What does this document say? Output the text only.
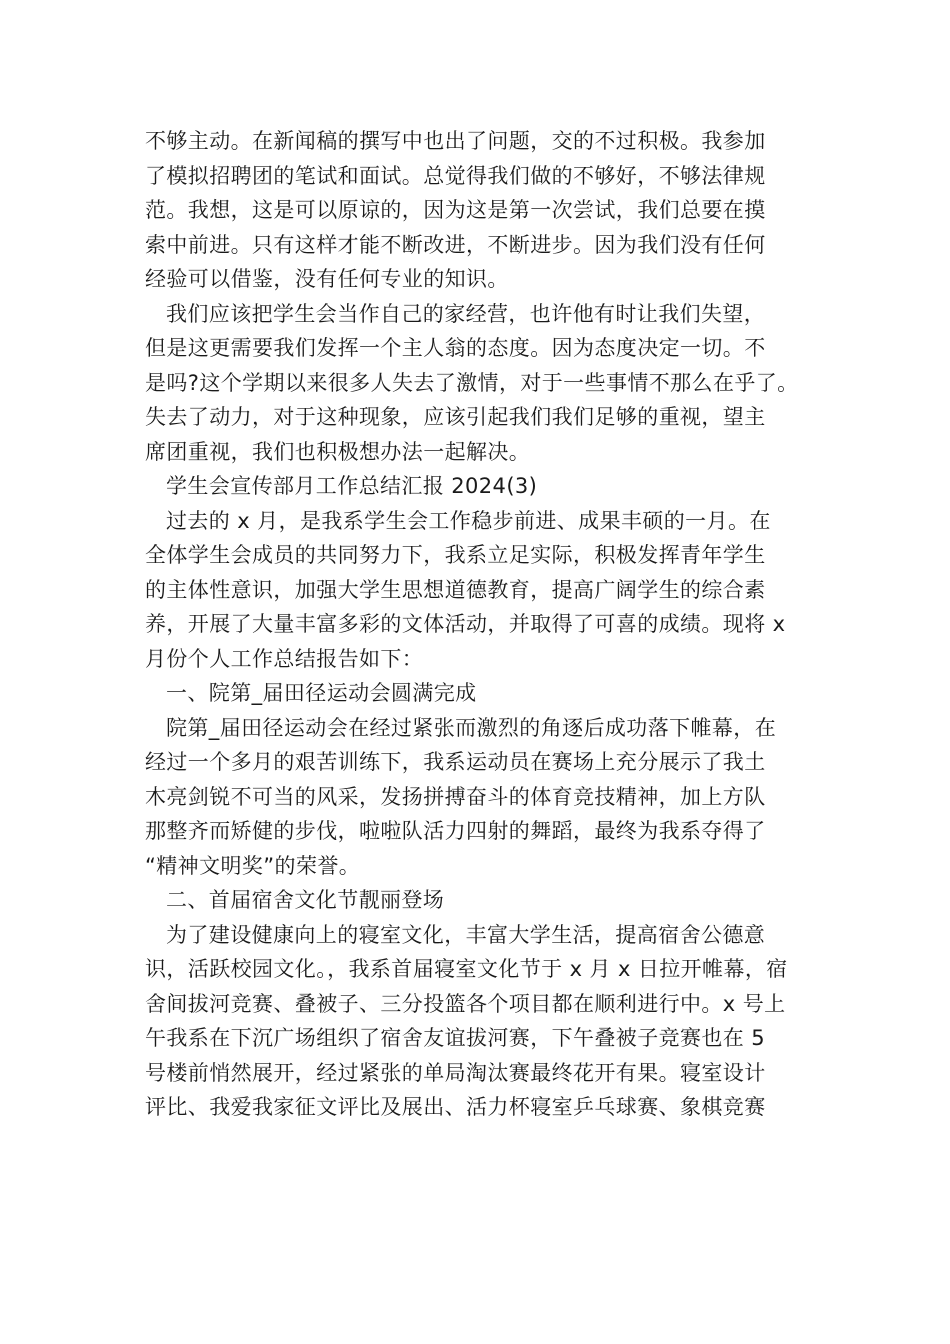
不够主动。在新闻稿的撰写中也出了问题，交的不过积极。我参加
了模拟招聘团的笔试和面试。总觉得我们做的不够好，不够法律规
范。我想，这是可以原谅的，因为这是第一次尝试，我们总要在摸
索中前进。只有这样才能不断改进，不断进步。因为我们没有任何
经验可以借鉴，没有任何专业的知识。
我们应该把学生会当作自己的家经营，也许他有时让我们失望，
但是这更需要我们发挥一个主人翁的态度。因为态度决定一切。不
是吗?这个学期以来很多人失去了激情，对于一些事情不那么在乎了。
失去了动力，对于这种现象，应该引起我们我们足够的重视，望主
席团重视，我们也积极想办法一起解决。
学生会宣传部月工作总结汇报 2024(3)
过去的 x 月，是我系学生会工作稳步前进、成果丰硕的一月。在
全体学生会成员的共同努力下，我系立足实际，积极发挥青年学生
的主体性意识，加强大学生思想道德教育，提高广阔学生的综合素
养，开展了大量丰富多彩的文体活动，并取得了可喜的成绩。现将 x
月份个人工作总结报告如下：
一、院第_届田径运动会圆满完成
院第_届田径运动会在经过紧张而激烈的角逐后成功落下帷幕，在
经过一个多月的艰苦训练下，我系运动员在赛场上充分展示了我土
木亮剑锐不可当的风采，发扬拼搏奋斗的体育竞技精神，加上方队
那整齐而矫健的步伐，啦啦队活力四射的舞蹈，最终为我系夺得了
“精神文明奖”的荣誉。
二、首届宿舍文化节靓丽登场
为了建设健康向上的寝室文化，丰富大学生活，提高宿舍公德意
识，活跃校园文化。，我系首届寝室文化节于 x 月 x 日拉开帷幕，宿
舍间拔河竞赛、叠被子、三分投篮各个项目都在顺利进行中。x 号上
午我系在下沉广场组织了宿舍友谊拔河赛，下午叠被子竞赛也在 5
号楼前悄然展开，经过紧张的单局淘汰赛最终花开有果。寝室设计
评比、我爱我家征文评比及展出、活力杯寝室乒乓球赛、象棋竞赛
